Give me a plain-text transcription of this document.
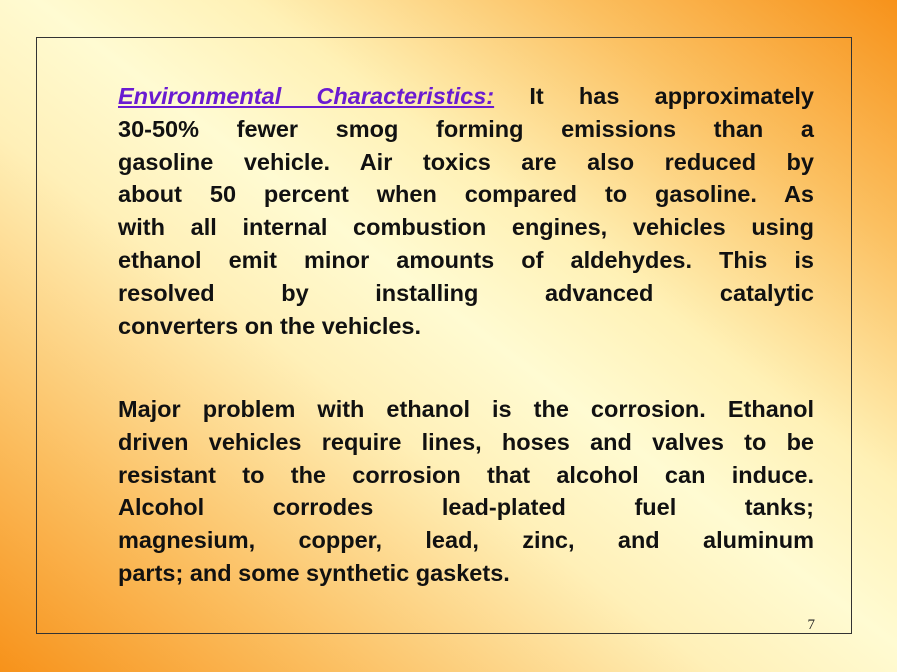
Environmental Characteristics: It has approximately
30-50% fewer smog forming emissions than a
gasoline vehicle. Air toxics are also reduced by
about 50 percent when compared to gasoline. As
with all internal combustion engines, vehicles using
ethanol emit minor amounts of aldehydes. This is
resolved by installing advanced catalytic
converters on the vehicles.
Major problem with ethanol is the corrosion. Ethanol
driven vehicles require lines, hoses and valves to be
resistant to the corrosion that alcohol can induce.
Alcohol corrodes lead-plated fuel tanks;
magnesium, copper, lead, zinc, and aluminum
parts; and some synthetic gaskets.
7
